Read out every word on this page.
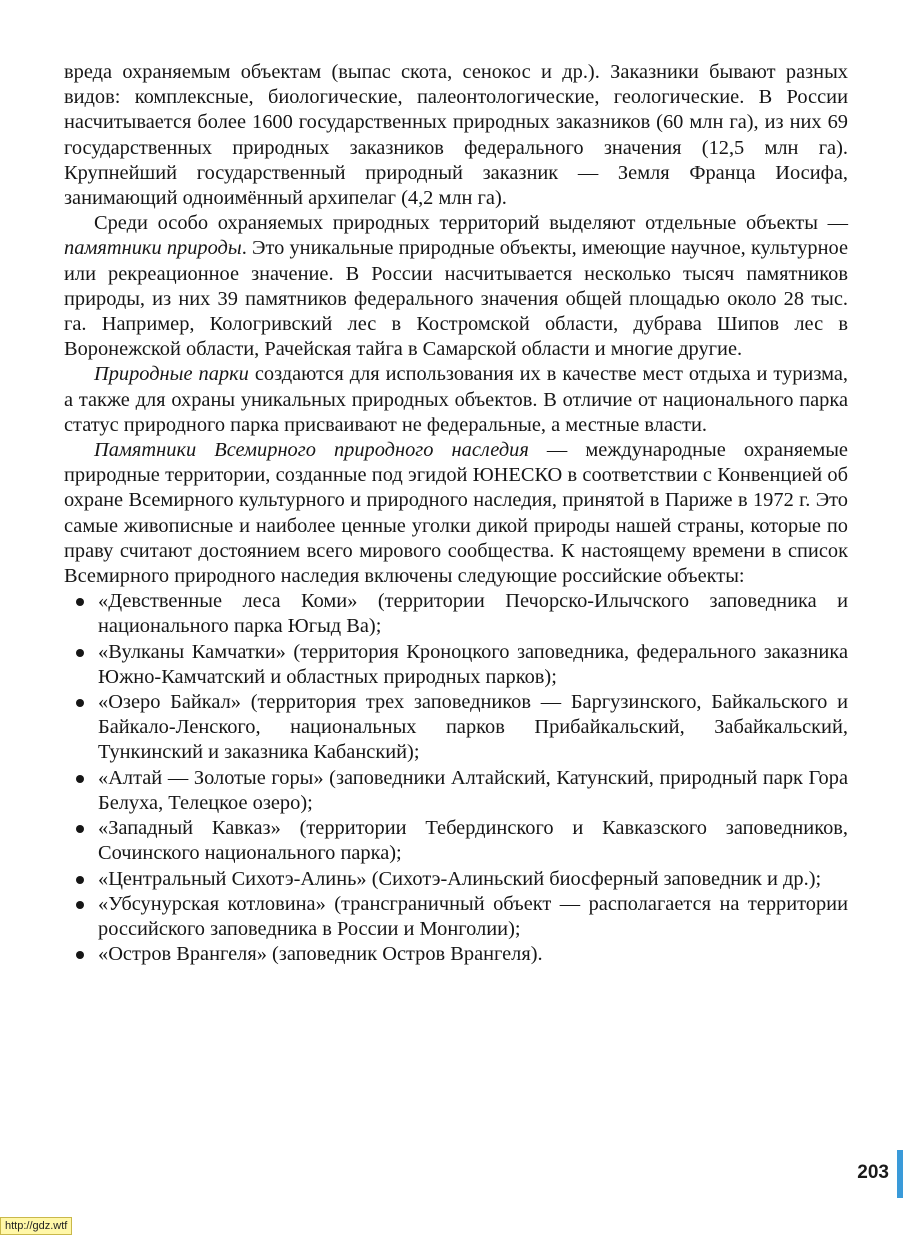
вреда охраняемым объектам (выпас скота, сенокос и др.). Заказники бывают разных видов: комплексные, биологические, палеонтологические, геологические. В России насчитывается более 1600 государственных природных заказников (60 млн га), из них 69 государственных природных заказников федерального значения (12,5 млн га). Крупнейший государственный природный заказник — Земля Франца Иосифа, занимающий одноимённый архипелаг (4,2 млн га).

Среди особо охраняемых природных территорий выделяют отдельные объекты — памятники природы. Это уникальные природные объекты, имеющие научное, культурное или рекреационное значение. В России насчитывается несколько тысяч памятников природы, из них 39 памятников федерального значения общей площадью около 28 тыс. га. Например, Кологривский лес в Костромской области, дубрава Шипов лес в Воронежской области, Рачейская тайга в Самарской области и многие другие.

Природные парки создаются для использования их в качестве мест отдыха и туризма, а также для охраны уникальных природных объектов. В отличие от национального парка статус природного парка присваивают не федеральные, а местные власти.

Памятники Всемирного природного наследия — международные охраняемые природные территории, созданные под эгидой ЮНЕСКО в соответствии с Конвенцией об охране Всемирного культурного и природного наследия, принятой в Париже в 1972 г. Это самые живописные и наиболее ценные уголки дикой природы нашей страны, которые по праву считают достоянием всего мирового сообщества. К настоящему времени в список Всемирного природного наследия включены следующие российские объекты:

«Девственные леса Коми» (территории Печорско-Илычского заповедника и национального парка Югыд Ва);
«Вулканы Камчатки» (территория Кроноцкого заповедника, федерального заказника Южно-Камчатский и областных природных парков);
«Озеро Байкал» (территория трех заповедников — Баргузинского, Байкальского и Байкало-Ленского, национальных парков Прибайкальский, Забайкальский, Тункинский и заказника Кабанский);
«Алтай — Золотые горы» (заповедники Алтайский, Катунский, природный парк Гора Белуха, Телецкое озеро);
«Западный Кавказ» (территории Тебердинского и Кавказского заповедников, Сочинского национального парка);
«Центральный Сихотэ-Алинь» (Сихотэ-Алиньский биосферный заповедник и др.);
«Убсунурская котловина» (трансграничный объект — располагается на территории российского заповедника в России и Монголии);
«Остров Врангеля» (заповедник Остров Врангеля).
203
http://gdz.wtf
